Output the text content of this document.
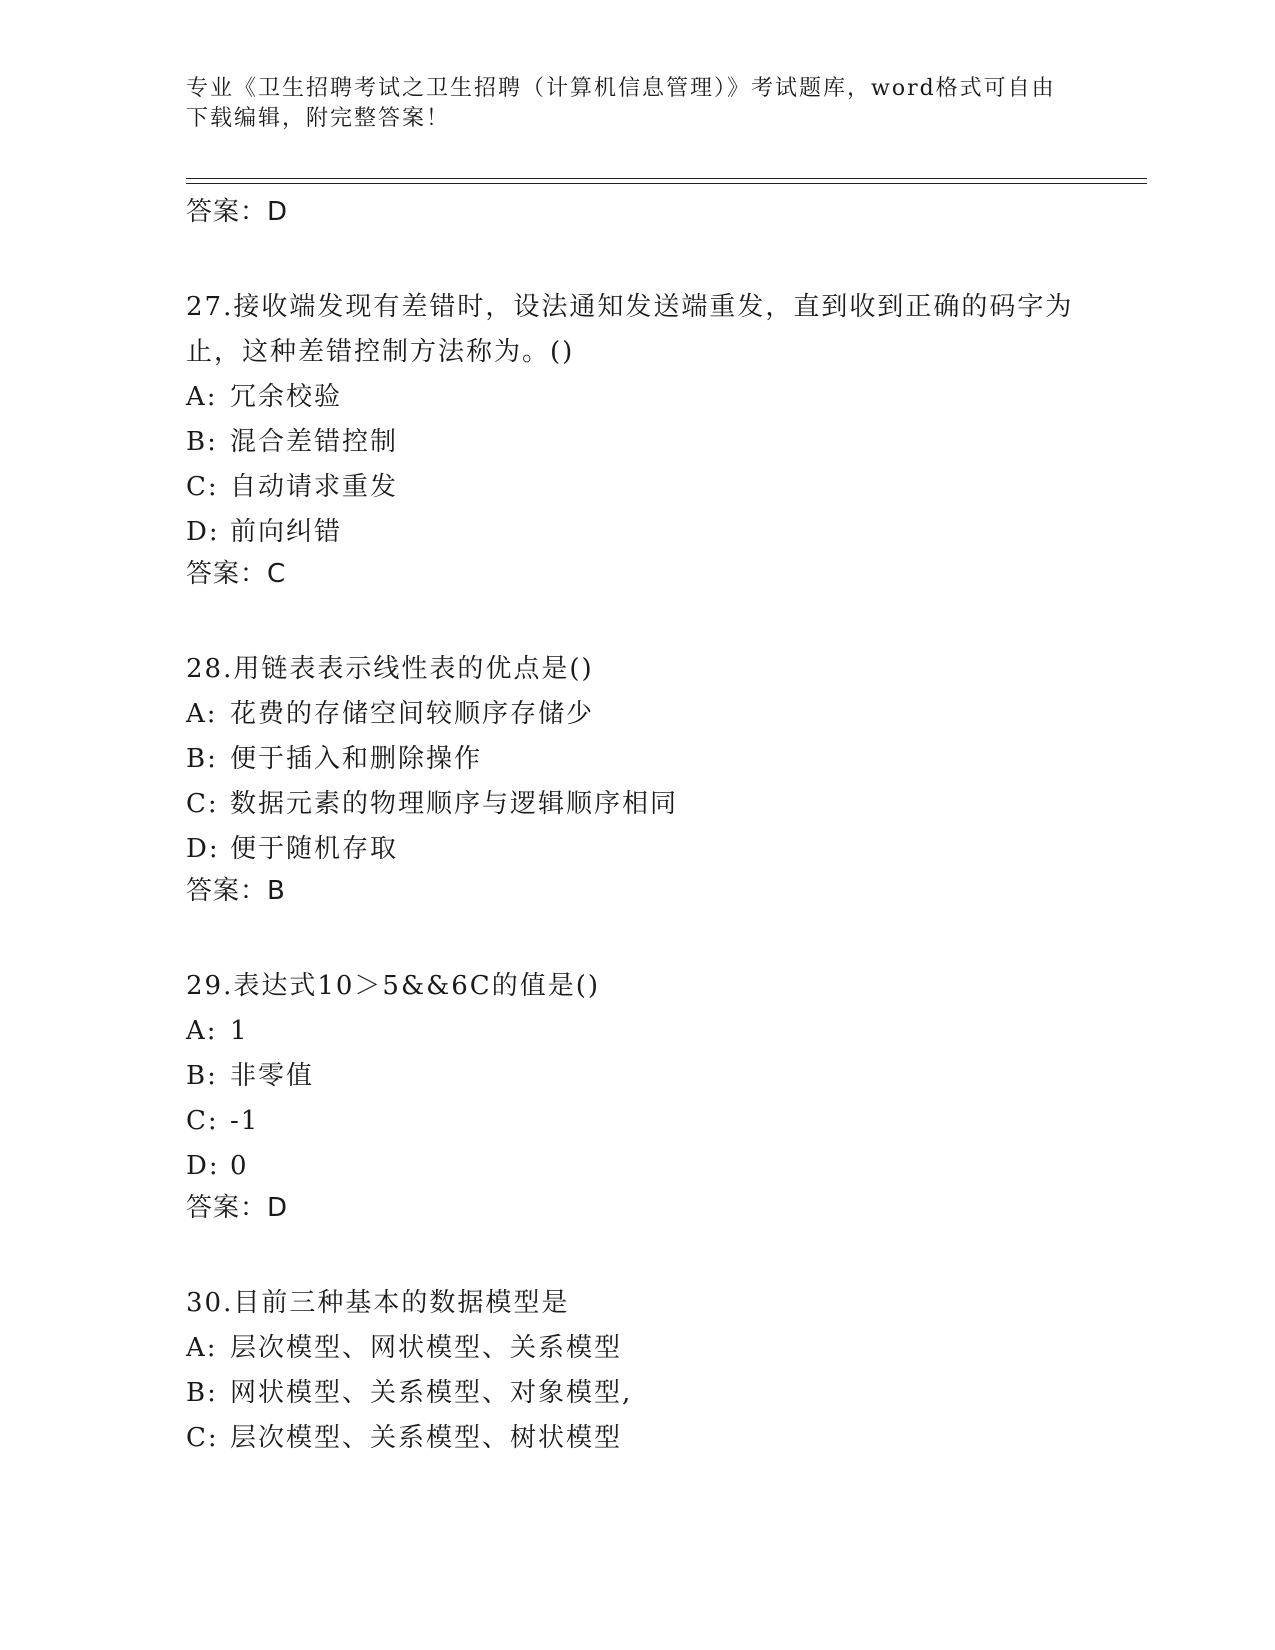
专业《卫生招聘考试之卫生招聘（计算机信息管理）》考试题库，word格式可自由下载编辑，附完整答案！
答案：D
27.接收端发现有差错时，设法通知发送端重发，直到收到正确的码字为止，这种差错控制方法称为。()
A: 冗余校验
B: 混合差错控制
C: 自动请求重发
D: 前向纠错
答案：C
28.用链表表示线性表的优点是()
A: 花费的存储空间较顺序存储少
B: 便于插入和删除操作
C: 数据元素的物理顺序与逻辑顺序相同
D: 便于随机存取
答案：B
29.表达式10＞5&&6C的值是()
A: 1
B: 非零值
C: -1
D: 0
答案：D
30.目前三种基本的数据模型是
A: 层次模型、网状模型、关系模型
B: 网状模型、关系模型、对象模型,
C: 层次模型、关系模型、树状模型
